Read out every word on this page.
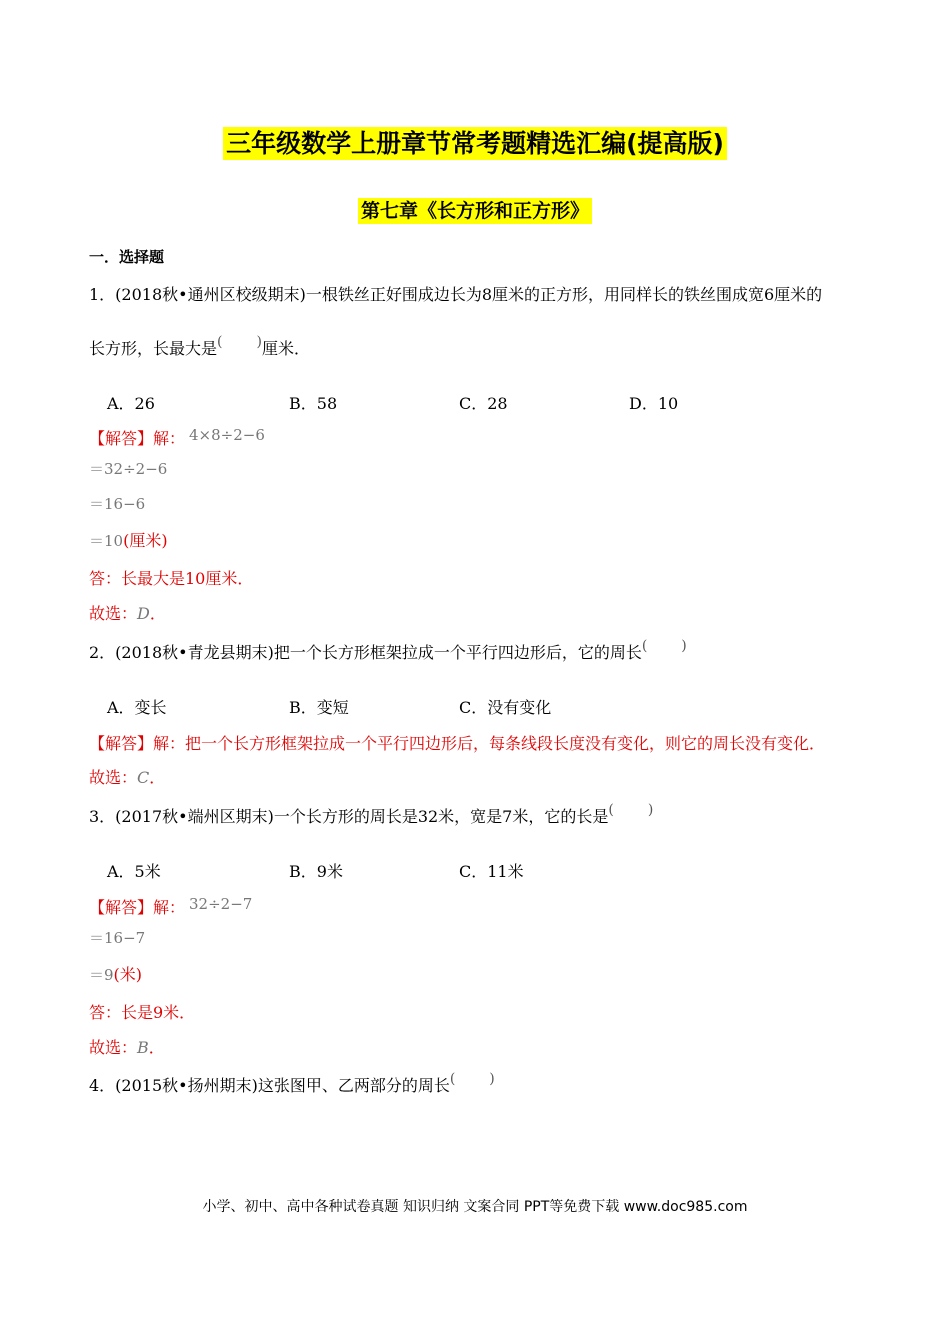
三年级数学上册章节常考题精选汇编(提高版)
第七章《长方形和正方形》
一．选择题
1．(2018秋•通州区校级期末)一根铁丝正好围成边长为8厘米的正方形，用同样长的铁丝围成宽6厘米的
长方形，长最大是( )厘米．
A．26	B．58	C．28	D．10
【解答】解： 4×8÷2−6
＝32÷2−6
＝16−6
＝10(厘米)
答：长最大是10厘米．
故选：D．
2．(2018秋•青龙县期末)把一个长方形框架拉成一个平行四边形后，它的周长( )
A．变长	B．变短	C．没有变化
【解答】解：把一个长方形框架拉成一个平行四边形后，每条线段长度没有变化，则它的周长没有变化．
故选：C．
3．(2017秋•端州区期末)一个长方形的周长是32米，宽是7米，它的长是( )
A．5米	B．9米	C．11米
【解答】解： 32÷2−7
＝16−7
＝9(米)
答：长是9米．
故选：B．
4．(2015秋•扬州期末)这张图甲、乙两部分的周长( )
小学、初中、高中各种试卷真题 知识归纳 文案合同 PPT等免费下载 www.doc985.com
